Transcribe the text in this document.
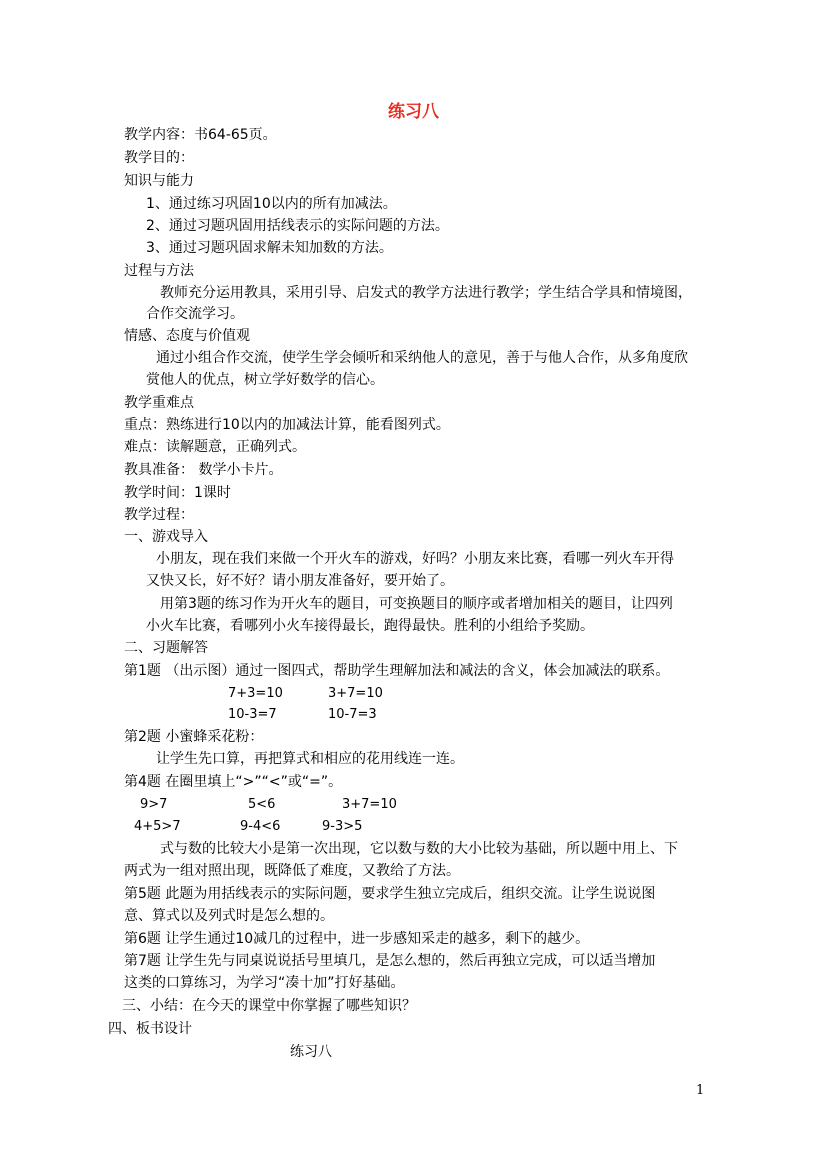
练习八
教学内容：书64-65页。
教学目的：
知识与能力
1、通过练习巩固10以内的所有加减法。
2、通过习题巩固用括线表示的实际问题的方法。
3、通过习题巩固求解未知加数的方法。
过程与方法
教师充分运用教具，采用引导、启发式的教学方法进行教学；学生结合学具和情境图，
合作交流学习。
情感、态度与价值观
通过小组合作交流，使学生学会倾听和采纳他人的意见，善于与他人合作，从多角度欣
赏他人的优点，树立学好数学的信心。
教学重难点
重点：熟练进行10以内的加减法计算，能看图列式。
难点：读解题意，正确列式。
教具准备： 数学小卡片。
教学时间：1课时
教学过程：
一、游戏导入
小朋友，现在我们来做一个开火车的游戏，好吗？小朋友来比赛，看哪一列火车开得
又快又长，好不好？请小朋友准备好，要开始了。
用第3题的练习作为开火车的题目，可变换题目的顺序或者增加相关的题目，让四列
小火车比赛，看哪列小火车接得最长，跑得最快。胜利的小组给予奖励。
二、习题解答
第1题 （出示图）通过一图四式，帮助学生理解加法和减法的含义，体会加减法的联系。
7+3=10	3+7=10
10-3=7	10-7=3
第2题 小蜜蜂采花粉：
让学生先口算，再把算式和相应的花用线连一连。
第4题 在圈里填上“>”“<”或“=”。
9>7	5<6	3+7=10
4+5>7	9-4<6	9-3>5
式与数的比较大小是第一次出现，它以数与数的大小比较为基础，所以题中用上、下
两式为一组对照出现，既降低了难度，又教给了方法。
第5题 此题为用括线表示的实际问题，要求学生独立完成后，组织交流。让学生说说图
意、算式以及列式时是怎么想的。
第6题 让学生通过10减几的过程中，进一步感知采走的越多，剩下的越少。
第7题 让学生先与同桌说说括号里填几，是怎么想的，然后再独立完成，可以适当增加
这类的口算练习，为学习“凑十加”打好基础。
三、小结：在今天的课堂中你掌握了哪些知识？
四、板书设计
练习八
1
